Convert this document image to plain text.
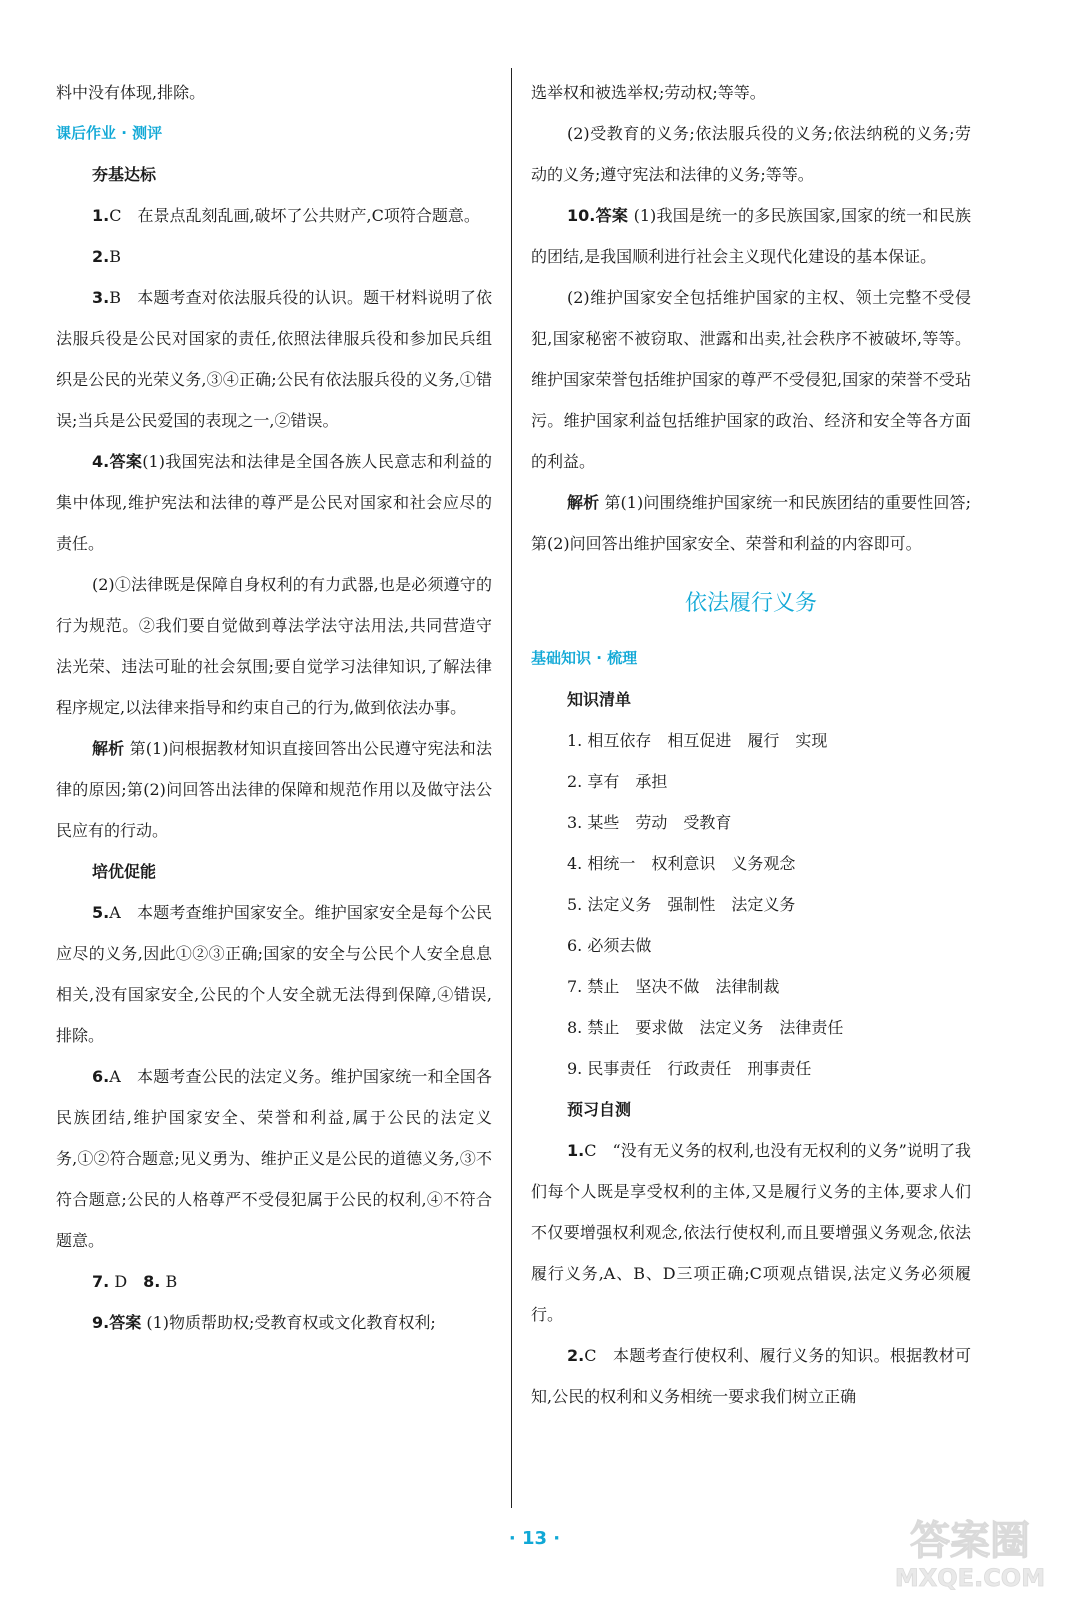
料中没有体现,排除。

课后作业 · 测评

夯基达标

1.C　在景点乱刻乱画,破坏了公共财产,C项符合题意。

2.B

3.B　本题考查对依法服兵役的认识。题干材料说明了依法服兵役是公民对国家的责任,依照法律服兵役和参加民兵组织是公民的光荣义务,③④正确;公民有依法服兵役的义务,①错误;当兵是公民爱国的表现之一,②错误。

4.答案(1)我国宪法和法律是全国各族人民意志和利益的集中体现,维护宪法和法律的尊严是公民对国家和社会应尽的责任。

(2)①法律既是保障自身权利的有力武器,也是必须遵守的行为规范。②我们要自觉做到尊法学法守法用法,共同营造守法光荣、违法可耻的社会氛围;要自觉学习法律知识,了解法律程序规定,以法律来指导和约束自己的行为,做到依法办事。

解析 第(1)问根据教材知识直接回答出公民遵守宪法和法律的原因;第(2)问回答出法律的保障和规范作用以及做守法公民应有的行动。

培优促能

5.A　本题考查维护国家安全。维护国家安全是每个公民应尽的义务,因此①②③正确;国家的安全与公民个人安全息息相关,没有国家安全,公民的个人安全就无法得到保障,④错误,排除。

6.A　本题考查公民的法定义务。维护国家统一和全国各民族团结,维护国家安全、荣誉和利益,属于公民的法定义务,①②符合题意;见义勇为、维护正义是公民的道德义务,③不符合题意;公民的人格尊严不受侵犯属于公民的权利,④不符合题意。

7. D　 8. B

9.答案 (1)物质帮助权;受教育权或文化教育权利;

选举权和被选举权;劳动权;等等。

(2)受教育的义务;依法服兵役的义务;依法纳税的义务;劳动的义务;遵守宪法和法律的义务;等等。

10.答案 (1)我国是统一的多民族国家,国家的统一和民族的团结,是我国顺利进行社会主义现代化建设的基本保证。

(2)维护国家安全包括维护国家的主权、领土完整不受侵犯,国家秘密不被窃取、泄露和出卖,社会秩序不被破坏,等等。维护国家荣誉包括维护国家的尊严不受侵犯,国家的荣誉不受玷污。维护国家利益包括维护国家的政治、经济和安全等各方面的利益。

解析 第(1)问围绕维护国家统一和民族团结的重要性回答;第(2)问回答出维护国家安全、荣誉和利益的内容即可。

依法履行义务

基础知识 · 梳理

知识清单

1. 相互依存　相互促进　履行　实现

2. 享有　承担

3. 某些　劳动　受教育

4. 相统一　权利意识　义务观念

5. 法定义务　强制性　法定义务

6. 必须去做

7. 禁止　坚决不做　法律制裁

8. 禁止　要求做　法定义务　法律责任

9. 民事责任　行政责任　刑事责任

预习自测

1.C　“没有无义务的权利,也没有无权利的义务”说明了我们每个人既是享受权利的主体,又是履行义务的主体,要求人们不仅要增强权利观念,依法行使权利,而且要增强义务观念,依法履行义务,A、B、D三项正确;C项观点错误,法定义务必须履行。

2.C　本题考查行使权利、履行义务的知识。根据教材可知,公民的权利和义务相统一要求我们树立正确

· 13 ·	答案圈
MXQE.COM
